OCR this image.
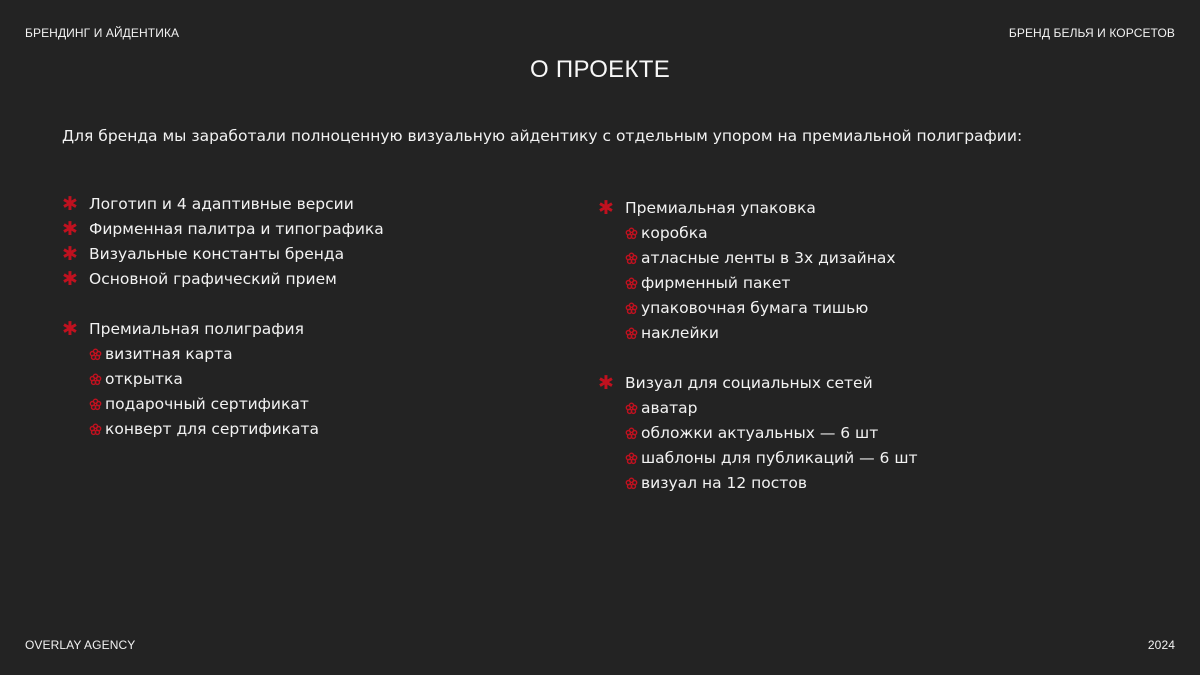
БРЕНДИНГ И АЙДЕНТИКА	БРЕНД БЕЛЬЯ И КОРСЕТОВ
О ПРОЕКТЕ
Для бренда мы заработали полноценную визуальную айдентику с отдельным упором на премиальной полиграфии:
✱ Логотип и 4 адаптивные версии
✱ Фирменная палитра и типографика
✱ Визуальные константы бренда
✱ Основной графический прием
✱ Премиальная полиграфия
визитная карта
открытка
подарочный сертификат
конверт для сертификата
✱ Премиальная упаковка
коробка
атласные ленты в 3х дизайнах
фирменный пакет
упаковочная бумага тишью
наклейки
✱ Визуал для социальных сетей
аватар
обложки актуальных — 6 шт
шаблоны для публикаций — 6 шт
визуал на 12 постов
OVERLAY AGENCY	2024
